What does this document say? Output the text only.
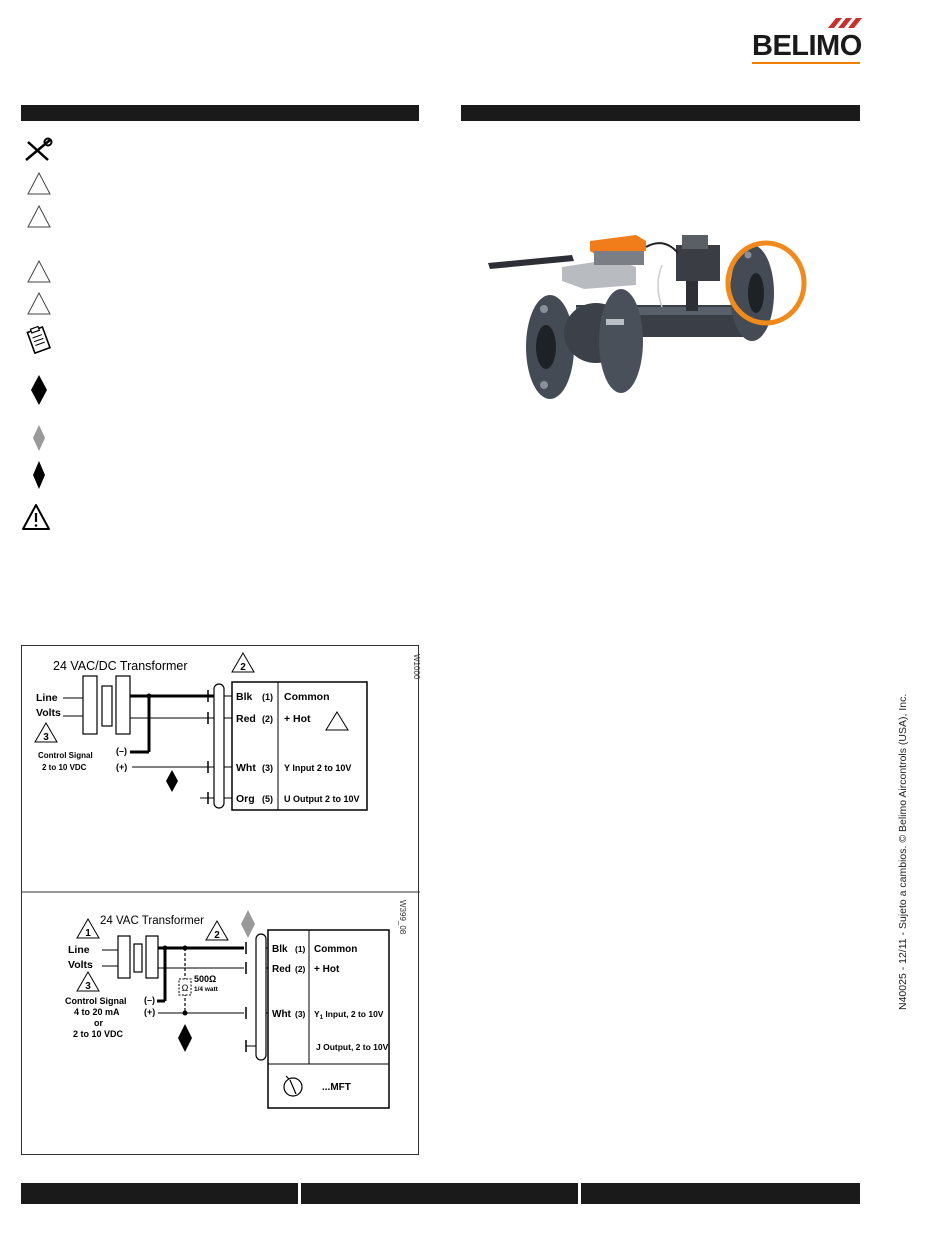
BELIMO
24 VAC/DC Transformer	W1000
2
Line
Volts
3
Control Signal
2 to 10 VDC
(–)
(+)
Blk (1) Common
Red (2) + Hot
Wht (3) Y Input 2 to 10V
Org (5) U Output 2 to 10V
24 VAC Transformer	W399_08
1	2
Line
Volts
3
Control Signal
4 to 20 mA
or
2 to 10 VDC
(–)
(+)
Ω
500Ω
1/4 watt
Blk (1) Common
Red (2) + Hot
Wht (3) $Y_1$ Input, 2 to 10V
J Output, 2 to 10V
...MFT
N40025 - 12/11 - Sujeto a cambios. © Belimo Aircontrols (USA), Inc.
